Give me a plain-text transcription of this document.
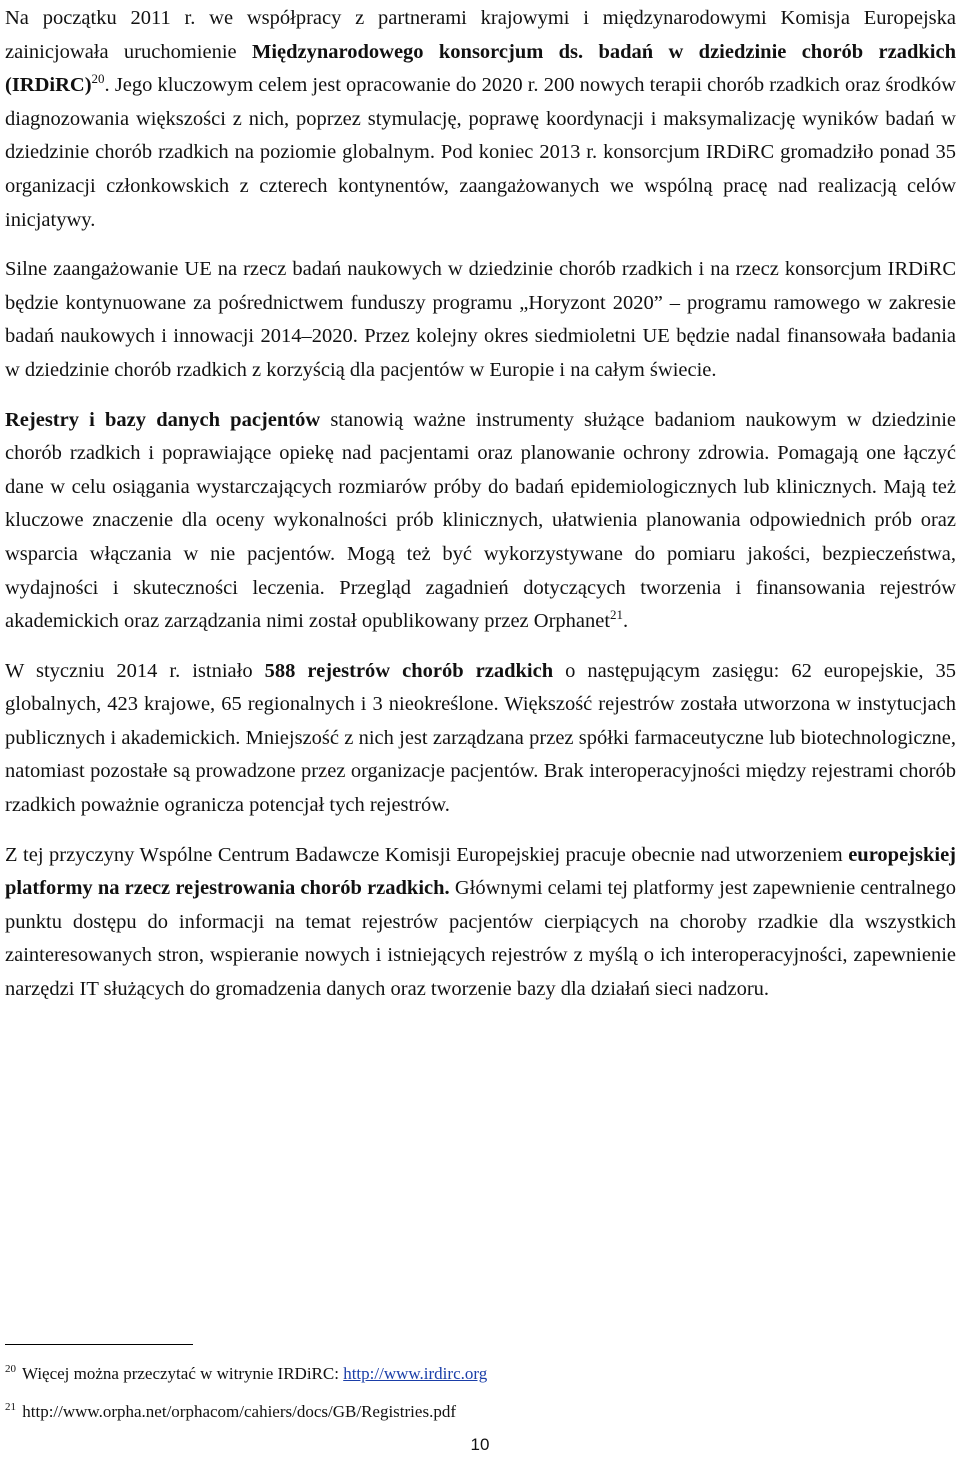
Na początku 2011 r. we współpracy z partnerami krajowymi i międzynarodowymi Komisja Europejska zainicjowała uruchomienie Międzynarodowego konsorcjum ds. badań w dziedzinie chorób rzadkich (IRDiRC)$^{20}$. Jego kluczowym celem jest opracowanie do 2020 r. 200 nowych terapii chorób rzadkich oraz środków diagnozowania większości z nich, poprzez stymulację, poprawę koordynacji i maksymalizację wyników badań w dziedzinie chorób rzadkich na poziomie globalnym. Pod koniec 2013 r. konsorcjum IRDiRC gromadziło ponad 35 organizacji członkowskich z czterech kontynentów, zaangażowanych we wspólną pracę nad realizacją celów inicjatywy.

Silne zaangażowanie UE na rzecz badań naukowych w dziedzinie chorób rzadkich i na rzecz konsorcjum IRDiRC będzie kontynuowane za pośrednictwem funduszy programu „Horyzont 2020” – programu ramowego w zakresie badań naukowych i innowacji 2014–2020. Przez kolejny okres siedmioletni UE będzie nadal finansowała badania w dziedzinie chorób rzadkich z korzyścią dla pacjentów w Europie i na całym świecie.

Rejestry i bazy danych pacjentów stanowią ważne instrumenty służące badaniom naukowym w dziedzinie chorób rzadkich i poprawiające opiekę nad pacjentami oraz planowanie ochrony zdrowia. Pomagają one łączyć dane w celu osiągania wystarczających rozmiarów próby do badań epidemiologicznych lub klinicznych. Mają też kluczowe znaczenie dla oceny wykonalności prób klinicznych, ułatwienia planowania odpowiednich prób oraz wsparcia włączania w nie pacjentów. Mogą też być wykorzystywane do pomiaru jakości, bezpieczeństwa, wydajności i skuteczności leczenia. Przegląd zagadnień dotyczących tworzenia i finansowania rejestrów akademickich oraz zarządzania nimi został opublikowany przez Orphanet$^{21}$.

W styczniu 2014 r. istniało 588 rejestrów chorób rzadkich o następującym zasięgu: 62 europejskie, 35 globalnych, 423 krajowe, 65 regionalnych i 3 nieokreślone. Większość rejestrów została utworzona w instytucjach publicznych i akademickich. Mniejszość z nich jest zarządzana przez spółki farmaceutyczne lub biotechnologiczne, natomiast pozostałe są prowadzone przez organizacje pacjentów. Brak interoperacyjności między rejestrami chorób rzadkich poważnie ogranicza potencjał tych rejestrów.

Z tej przyczyny Wspólne Centrum Badawcze Komisji Europejskiej pracuje obecnie nad utworzeniem europejskiej platformy na rzecz rejestrowania chorób rzadkich. Głównymi celami tej platformy jest zapewnienie centralnego punktu dostępu do informacji na temat rejestrów pacjentów cierpiących na choroby rzadkie dla wszystkich zainteresowanych stron, wspieranie nowych i istniejących rejestrów z myślą o ich interoperacyjności, zapewnienie narzędzi IT służących do gromadzenia danych oraz tworzenie bazy dla działań sieci nadzoru.

$^{20}$ Więcej można przeczytać w witrynie IRDiRC: http://www.irdirc.org

$^{21}$ http://www.orpha.net/orphacom/cahiers/docs/GB/Registries.pdf

10
